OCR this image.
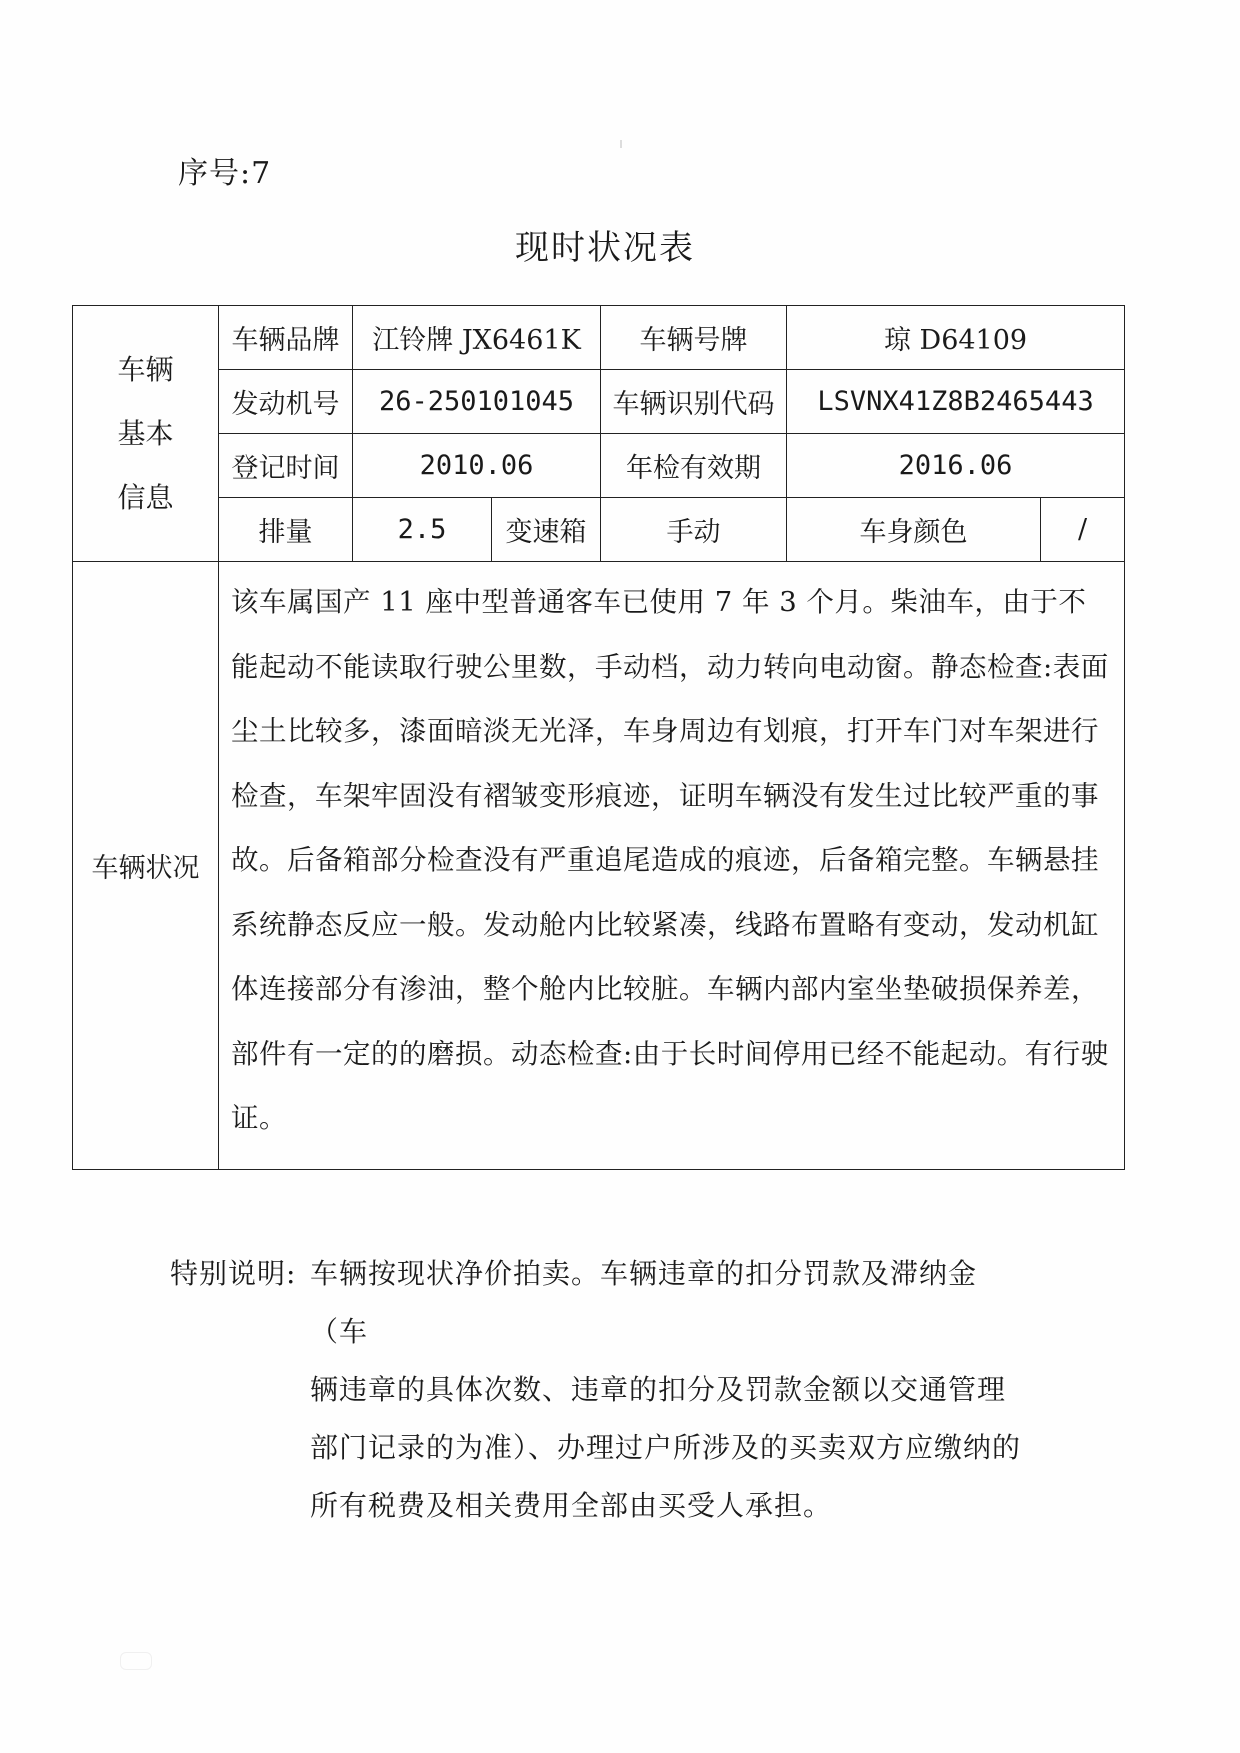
序号:7
现时状况表
车辆
基本
信息	车辆品牌	江铃牌 JX6461K		车辆号牌	琼 D64109	
	发动机号	26-250101045		车辆识别代码	LSVNX41Z8B2465443	
	登记时间	2010.06		年检有效期	2016.06	
	排量	2.5	变速箱	手动	车身颜色	/
车辆状况	该车属国产 11 座中型普通客车已使用 7 年 3 个月。柴油车，由于不能起动不能读取行驶公里数，手动档，动力转向电动窗。静态检查:表面尘土比较多，漆面暗淡无光泽，车身周边有划痕，打开车门对车架进行检查，车架牢固没有褶皱变形痕迹，证明车辆没有发生过比较严重的事故。后备箱部分检查没有严重追尾造成的痕迹，后备箱完整。车辆悬挂系统静态反应一般。发动舱内比较紧凑，线路布置略有变动，发动机缸体连接部分有渗油，整个舱内比较脏。车辆内部内室坐垫破损保养差，部件有一定的的磨损。动态检查:由于长时间停用已经不能起动。有行驶证。					
特别说明: 车辆按现状净价拍卖。车辆违章的扣分罚款及滞纳金（车
辆违章的具体次数、违章的扣分及罚款金额以交通管理部门记录的为准）、办理过户所涉及的买卖双方应缴纳的所有税费及相关费用全部由买受人承担。
